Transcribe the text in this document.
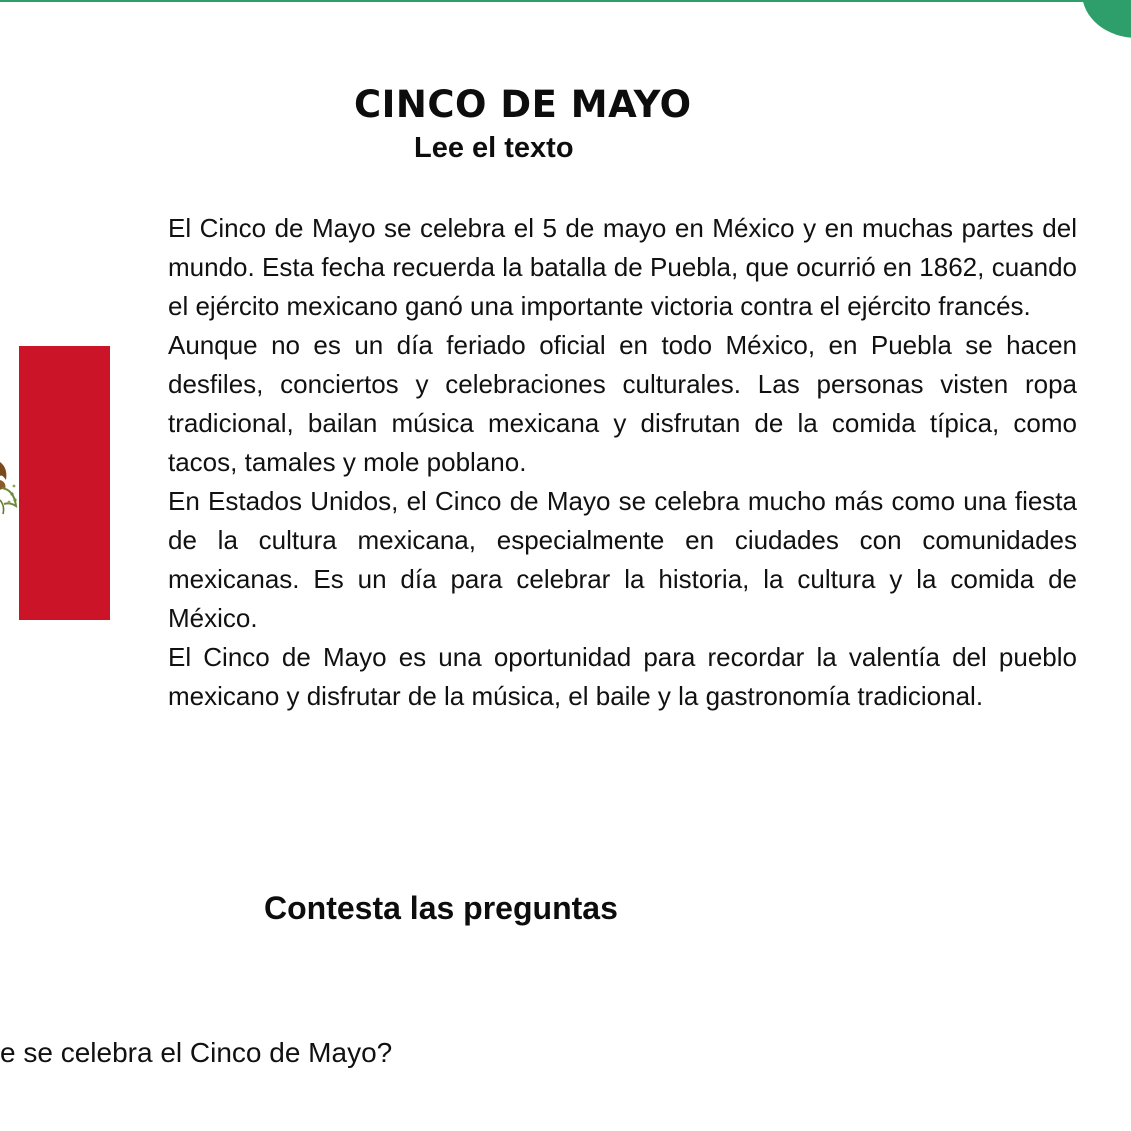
CINCO DE MAYO
Lee el texto

El Cinco de Mayo se celebra el 5 de mayo en México y en muchas partes del mundo. Esta fecha recuerda la batalla de Puebla, que ocurrió en 1862, cuando el ejército mexicano ganó una importante victoria contra el ejército francés.

Aunque no es un día feriado oficial en todo México, en Puebla se hacen desfiles, conciertos y celebraciones culturales. Las personas visten ropa tradicional, bailan música mexicana y disfrutan de la comida típica, como tacos, tamales y mole poblano.

En Estados Unidos, el Cinco de Mayo se celebra mucho más como una fiesta de la cultura mexicana, especialmente en ciudades con comunidades mexicanas. Es un día para celebrar la historia, la cultura y la comida de México.

El Cinco de Mayo es una oportunidad para recordar la valentía del pueblo mexicano y disfrutar de la música, el baile y la gastronomía tradicional.

Contesta las preguntas

e se celebra el Cinco de Mayo?
